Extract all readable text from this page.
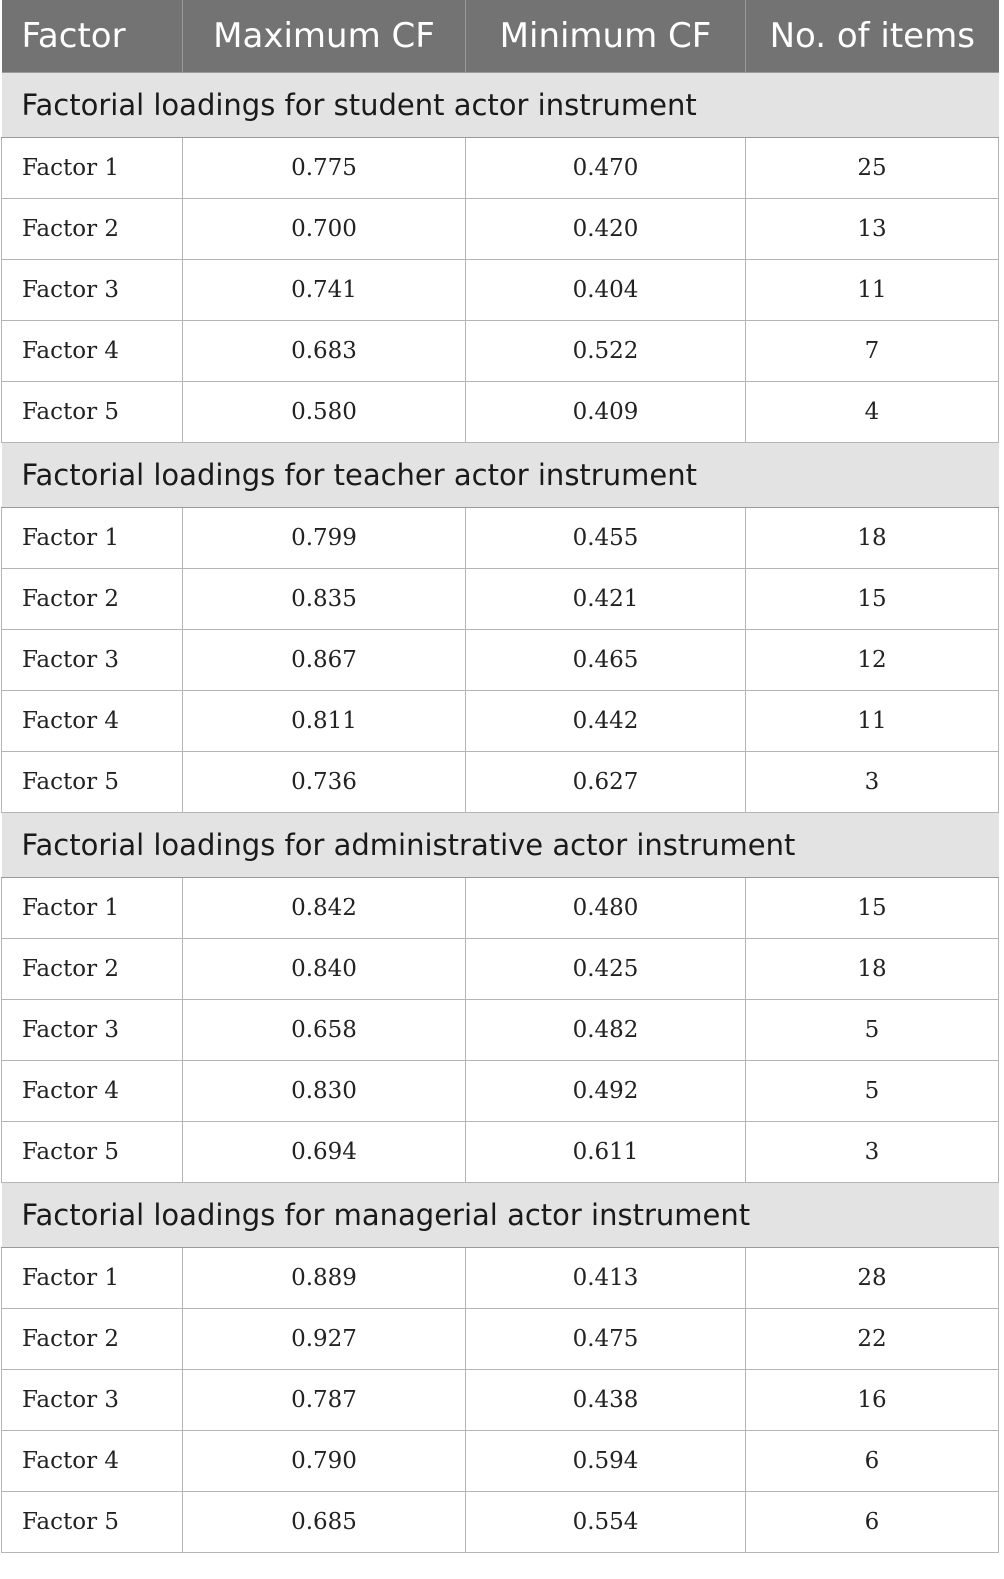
Factor	Maximum CF	Minimum CF	No. of items
Factorial loadings for student actor instrument			
Factor 1	0.775	0.470	25
Factor 2	0.700	0.420	13
Factor 3	0.741	0.404	11
Factor 4	0.683	0.522	7
Factor 5	0.580	0.409	4
Factorial loadings for teacher actor instrument			
Factor 1	0.799	0.455	18
Factor 2	0.835	0.421	15
Factor 3	0.867	0.465	12
Factor 4	0.811	0.442	11
Factor 5	0.736	0.627	3
Factorial loadings for administrative actor instrument			
Factor 1	0.842	0.480	15
Factor 2	0.840	0.425	18
Factor 3	0.658	0.482	5
Factor 4	0.830	0.492	5
Factor 5	0.694	0.611	3
Factorial loadings for managerial actor instrument			
Factor 1	0.889	0.413	28
Factor 2	0.927	0.475	22
Factor 3	0.787	0.438	16
Factor 4	0.790	0.594	6
Factor 5	0.685	0.554	6
